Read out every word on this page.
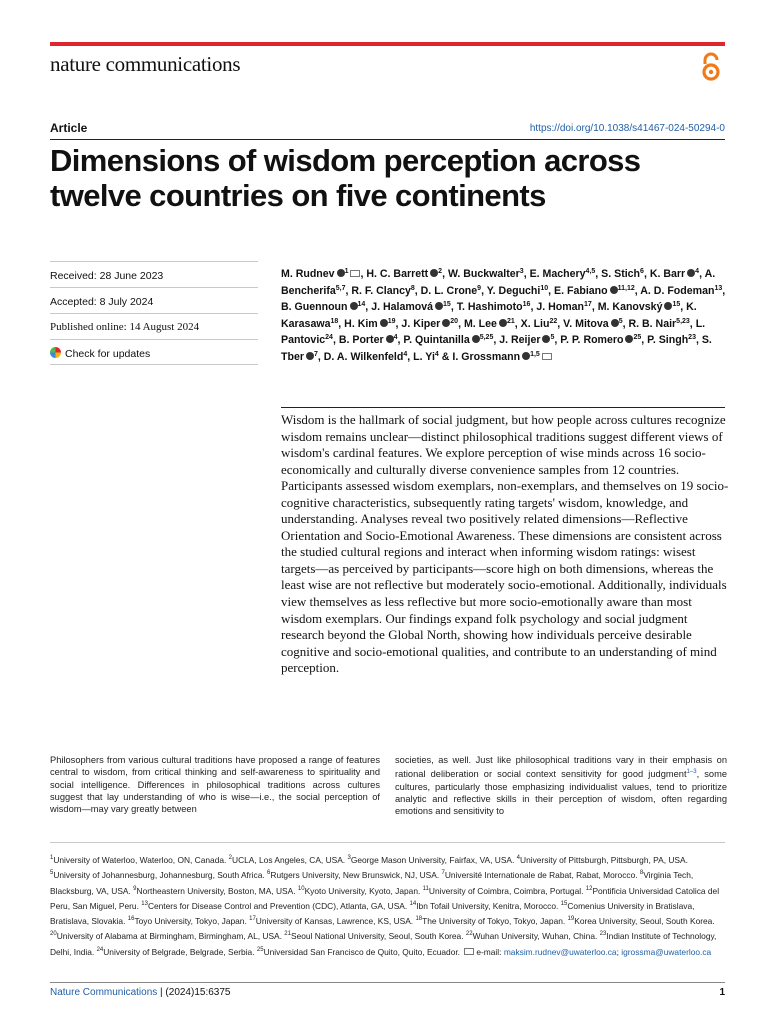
nature communications
Article	https://doi.org/10.1038/s41467-024-50294-0
Dimensions of wisdom perception across twelve countries on five continents
Received: 28 June 2023
Accepted: 8 July 2024
Published online: 14 August 2024
Check for updates
M. Rudnev $^1$ , H. C. Barrett $^2$, W. Buckwalter$^3$, E. Machery$^{4,5}$, S. Stich$^6$, K. Barr $^4$, A. Bencherifa$^{5,7}$, R. F. Clancy$^8$, D. L. Crone$^9$, Y. Deguchi$^{10}$, E. Fabiano $^{11,12}$, A. D. Fodeman$^{13}$, B. Guennoun $^{14}$, J. Halamová $^{15}$, T. Hashimoto$^{16}$, J. Homan$^{17}$, M. Kanovský $^{15}$, K. Karasawa$^{18}$, H. Kim $^{19}$, J. Kiper $^{20}$, M. Lee $^{21}$, X. Liu$^{22}$, V. Mitova $^5$, R. B. Nair$^{5,23}$, L. Pantovic$^{24}$, B. Porter $^4$, P. Quintanilla $^{5,25}$, J. Reijer $^5$, P. P. Romero $^{25}$, P. Singh$^{23}$, S. Tber $^7$, D. A. Wilkenfeld$^4$, L. Yi$^4$ & I. Grossmann $^{1,5}$

Wisdom is the hallmark of social judgment, but how people across cultures recognize wisdom remains unclear—distinct philosophical traditions suggest different views of wisdom's cardinal features. We explore perception of wise minds across 16 socio-economically and culturally diverse convenience samples from 12 countries. Participants assessed wisdom exemplars, non-exemplars, and themselves on 19 socio-cognitive characteristics, subsequently rating targets' wisdom, knowledge, and understanding. Analyses reveal two positively related dimensions—Reflective Orientation and Socio-Emotional Awareness. These dimensions are consistent across the studied cultural regions and interact when informing wisdom ratings: wisest targets—as perceived by participants—score high on both dimensions, whereas the least wise are not reflective but moderately socio-emotional. Additionally, individuals view themselves as less reflective but more socio-emotionally aware than most wisdom exemplars. Our findings expand folk psychology and social judgment research beyond the Global North, showing how individuals perceive desirable cognitive and socio-emotional qualities, and contribute to an understanding of mind perception.

Philosophers from various cultural traditions have proposed a range of features central to wisdom, from critical thinking and self-awareness to spirituality and social intelligence. Differences in philosophical traditions across cultures suggest that lay understanding of who is wise—i.e., the social perception of wisdom—may vary greatly between

societies, as well. Just like philosophical traditions vary in their emphasis on rational deliberation or social context sensitivity for good judgment$^{1-3}$, some cultures, particularly those emphasizing individualist values, tend to prioritize analytic and reflective skills in their perception of wisdom, often regarding emotions and sensitivity to

$^1$University of Waterloo, Waterloo, ON, Canada. $^2$UCLA, Los Angeles, CA, USA. $^3$George Mason University, Fairfax, VA, USA. $^4$University of Pittsburgh, Pittsburgh, PA, USA. $^5$University of Johannesburg, Johannesburg, South Africa. $^6$Rutgers University, New Brunswick, NJ, USA. $^7$Université Internationale de Rabat, Rabat, Morocco. $^8$Virginia Tech, Blacksburg, VA, USA. $^9$Northeastern University, Boston, MA, USA. $^{10}$Kyoto University, Kyoto, Japan. $^{11}$University of Coimbra, Coimbra, Portugal. $^{12}$Pontificia Universidad Catolica del Peru, San Miguel, Peru. $^{13}$Centers for Disease Control and Prevention (CDC), Atlanta, GA, USA. $^{14}$Ibn Tofail University, Kenitra, Morocco. $^{15}$Comenius University in Bratislava, Bratislava, Slovakia. $^{16}$Toyo University, Tokyo, Japan. $^{17}$University of Kansas, Lawrence, KS, USA. $^{18}$The University of Tokyo, Tokyo, Japan. $^{19}$Korea University, Seoul, South Korea. $^{20}$University of Alabama at Birmingham, Birmingham, AL, USA. $^{21}$Seoul National University, Seoul, South Korea. $^{22}$Wuhan University, Wuhan, China. $^{23}$Indian Institute of Technology, Delhi, India. $^{24}$University of Belgrade, Belgrade, Serbia. $^{25}$Universidad San Francisco de Quito, Quito, Ecuador. e-mail: maksim.rudnev@uwaterloo.ca; igrossma@uwaterloo.ca
Nature Communications | (2024)15:6375	1
